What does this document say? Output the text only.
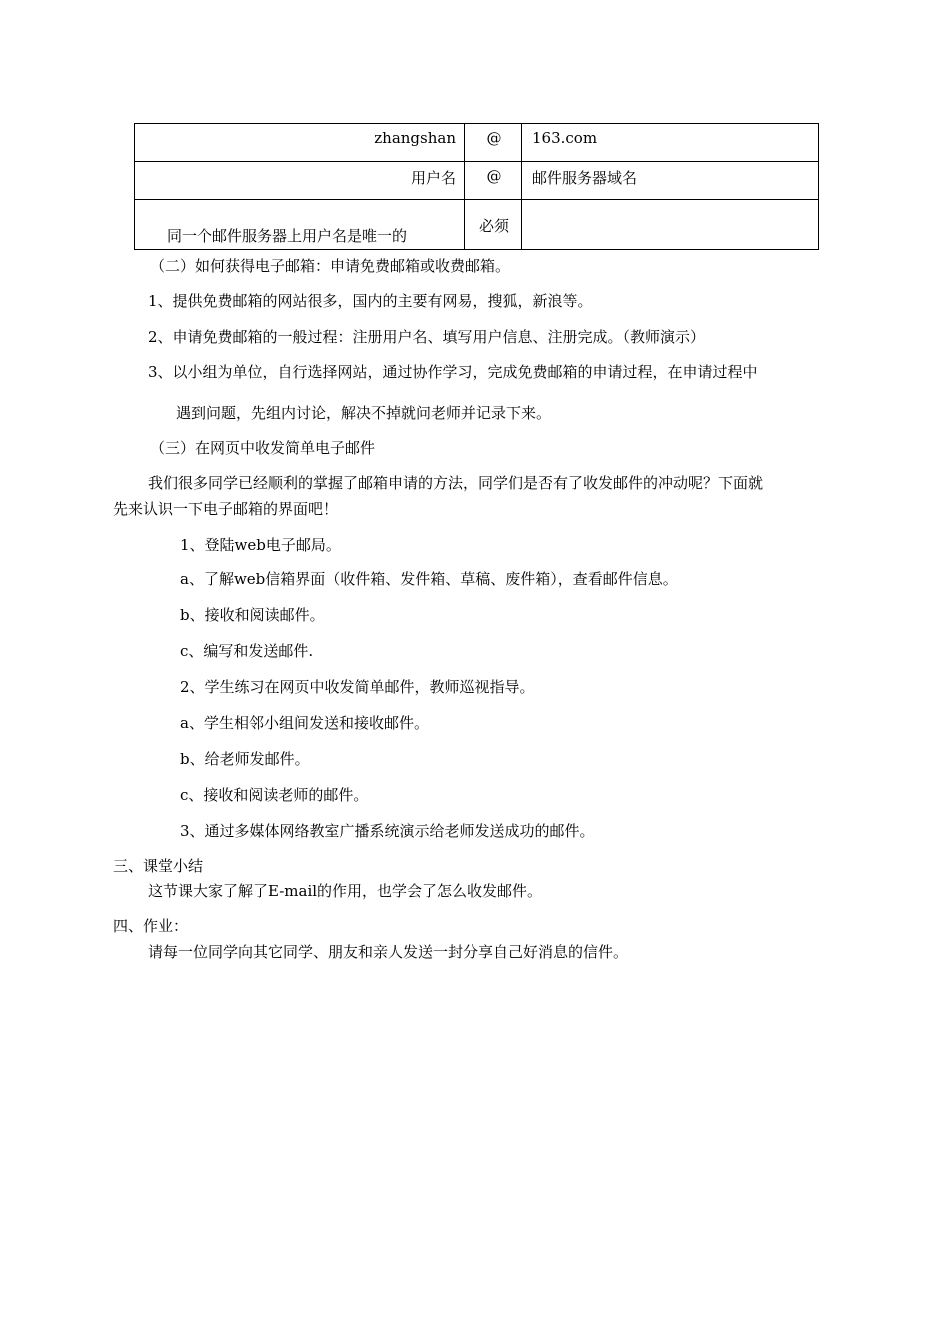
zhangshan	@	163.com

用户名	@	邮件服务器域名

同一个邮件服务器上用户名是唯一的	必须	

（二）如何获得电子邮箱：申请免费邮箱或收费邮箱。
1、提供免费邮箱的网站很多，国内的主要有网易，搜狐，新浪等。
2、申请免费邮箱的一般过程：注册用户名、填写用户信息、注册完成。（教师演示）
3、以小组为单位，自行选择网站，通过协作学习，完成免费邮箱的申请过程，在申请过程中
遇到问题，先组内讨论，解决不掉就问老师并记录下来。
（三）在网页中收发简单电子邮件
我们很多同学已经顺利的掌握了邮箱申请的方法，同学们是否有了收发邮件的冲动呢？下面就
先来认识一下电子邮箱的界面吧！
1、登陆web电子邮局。
a、了解web信箱界面（收件箱、发件箱、草稿、废件箱），查看邮件信息。
b、接收和阅读邮件。
c、编写和发送邮件.
2、学生练习在网页中收发简单邮件，教师巡视指导。
a、学生相邻小组间发送和接收邮件。
b、给老师发邮件。
c、接收和阅读老师的邮件。
3、通过多媒体网络教室广播系统演示给老师发送成功的邮件。
三、课堂小结
这节课大家了解了E-mail的作用，也学会了怎么收发邮件。
四、作业：
请每一位同学向其它同学、朋友和亲人发送一封分享自己好消息的信件。
